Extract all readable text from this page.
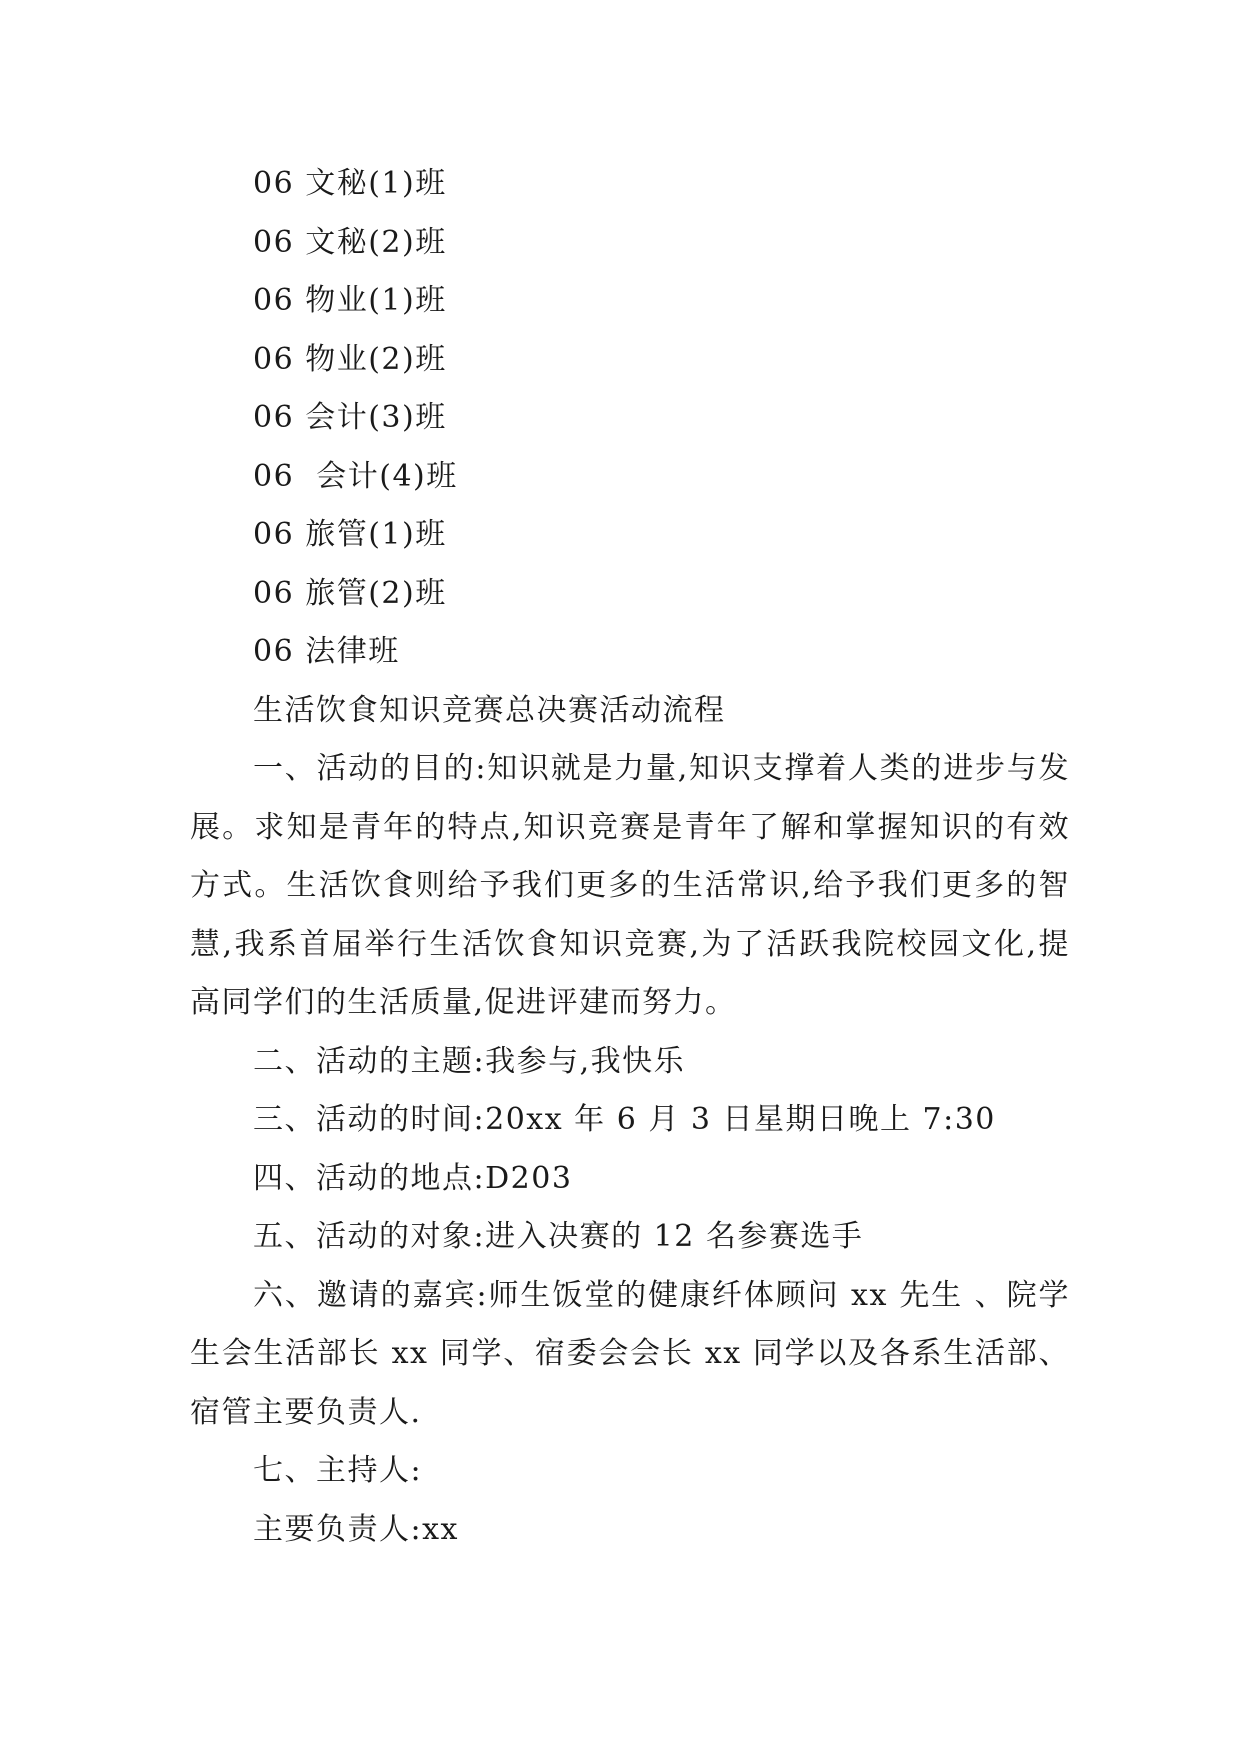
06 文秘(1)班

06 文秘(2)班

06 物业(1)班

06 物业(2)班

06 会计(3)班

06  会计(4)班

06 旅管(1)班

06 旅管(2)班

06 法律班

生活饮食知识竞赛总决赛活动流程

一、活动的目的:知识就是力量,知识支撑着人类的进步与发展。求知是青年的特点,知识竞赛是青年了解和掌握知识的有效方式。生活饮食则给予我们更多的生活常识,给予我们更多的智慧,我系首届举行生活饮食知识竞赛,为了活跃我院校园文化,提高同学们的生活质量,促进评建而努力。

二、活动的主题:我参与,我快乐

三、活动的时间:20xx 年 6 月 3 日星期日晚上 7:30

四、活动的地点:D203

五、活动的对象:进入决赛的 12 名参赛选手

六、邀请的嘉宾:师生饭堂的健康纤体顾问 xx 先生 、院学生会生活部长 xx 同学、宿委会会长 xx 同学以及各系生活部、宿管主要负责人.

七、主持人:

主要负责人:xx
